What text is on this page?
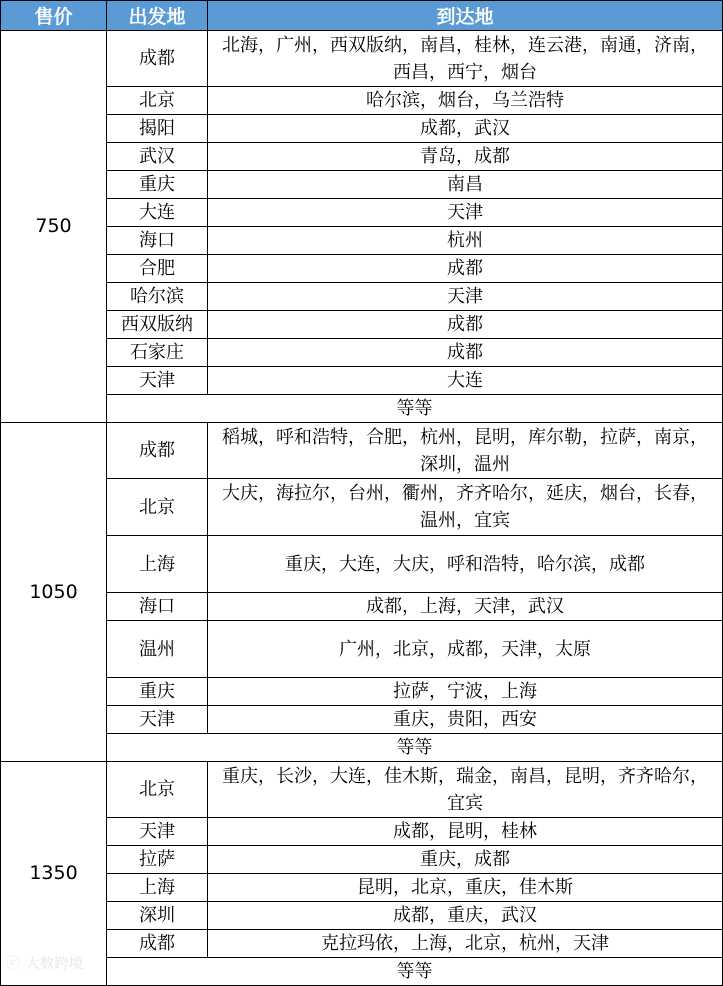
售价	出发地	到达地
750	成都	北海，广州，西双版纳，南昌，桂林，连云港，南通，济南，西昌，西宁，烟台
	北京	哈尔滨，烟台，乌兰浩特
	揭阳	成都，武汉
	武汉	青岛，成都
	重庆	南昌
	大连	天津
	海口	杭州
	合肥	成都
	哈尔滨	天津
	西双版纳	成都
	石家庄	成都
	天津	大连
	等等	
1050	成都	稻城，呼和浩特，合肥，杭州，昆明，库尔勒，拉萨，南京，深圳，温州
	北京	大庆，海拉尔，台州，衢州，齐齐哈尔，延庆，烟台，长春，温州，宜宾
	上海	重庆，大连，大庆，呼和浩特，哈尔滨，成都
	海口	成都，上海，天津，武汉
	温州	广州，北京，成都，天津，太原
	重庆	拉萨，宁波，上海
	天津	重庆，贵阳，西安
	等等	
1350	北京	重庆，长沙，大连，佳木斯，瑞金，南昌，昆明，齐齐哈尔，宜宾
	天津	成都，昆明，桂林
	拉萨	重庆，成都
	上海	昆明，北京，重庆，佳木斯
	深圳	成都，重庆，武汉
	成都	克拉玛依，上海，北京，杭州，天津
	等等	
ⓒ 大数跨境
